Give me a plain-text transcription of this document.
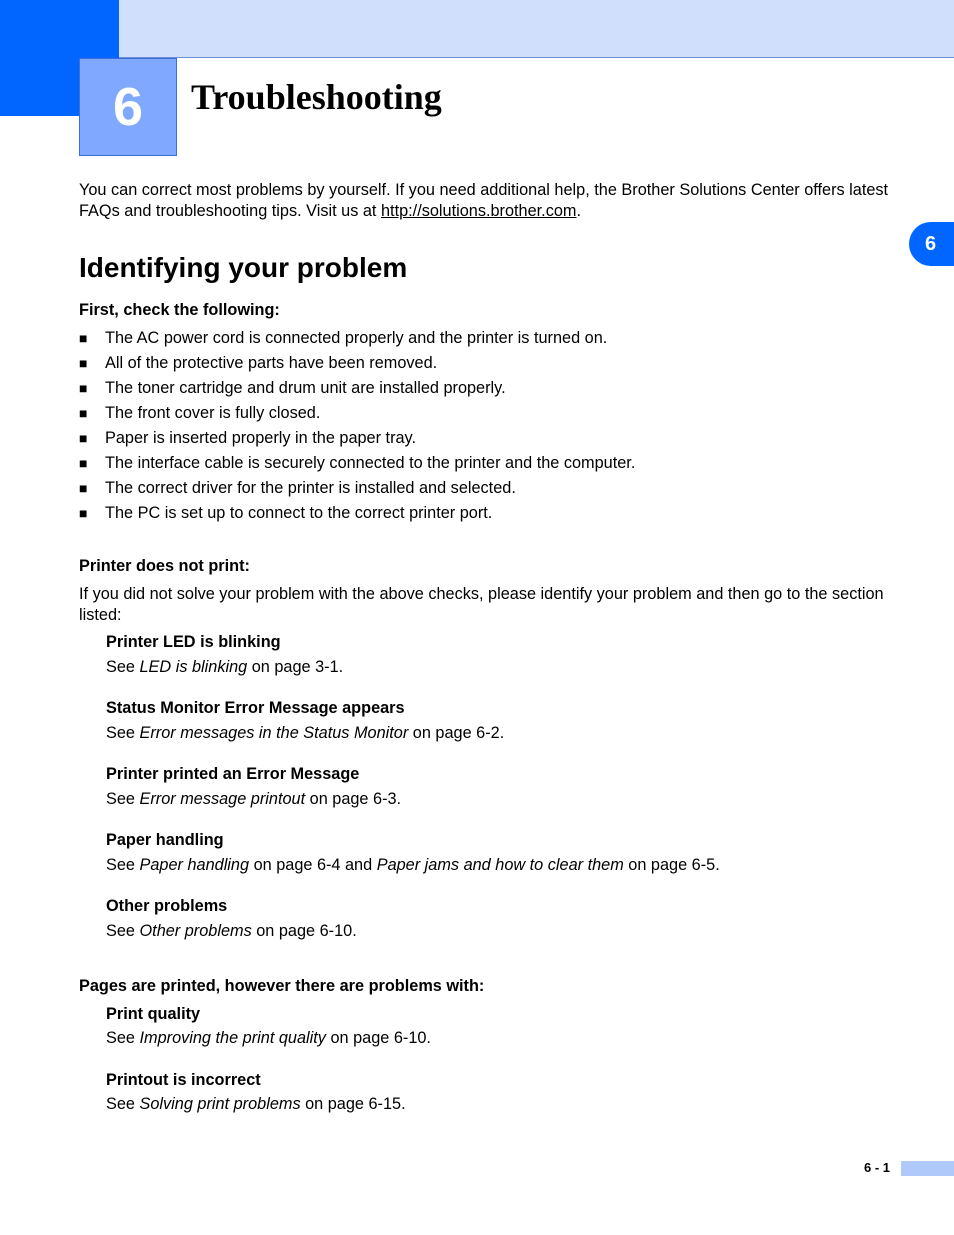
6	Troubleshooting
6

You can correct most problems by yourself. If you need additional help, the Brother Solutions Center offers latest FAQs and troubleshooting tips. Visit us at http://solutions.brother.com.

Identifying your problem
First, check the following:
■	The AC power cord is connected properly and the printer is turned on.
■	All of the protective parts have been removed.
■	The toner cartridge and drum unit are installed properly.
■	The front cover is fully closed.
■	Paper is inserted properly in the paper tray.
■	The interface cable is securely connected to the printer and the computer.
■	The correct driver for the printer is installed and selected.
■	The PC is set up to connect to the correct printer port.
Printer does not print:

If you did not solve your problem with the above checks, please identify your problem and then go to the section listed:

Printer LED is blinking

See LED is blinking on page 3-1.

Status Monitor Error Message appears

See Error messages in the Status Monitor on page 6-2.

Printer printed an Error Message

See Error message printout on page 6-3.

Paper handling

See Paper handling on page 6-4 and Paper jams and how to clear them on page 6-5.

Other problems

See Other problems on page 6-10.

Pages are printed, however there are problems with:
Print quality

See Improving the print quality on page 6-10.

Printout is incorrect

See Solving print problems on page 6-15.

6 - 1
